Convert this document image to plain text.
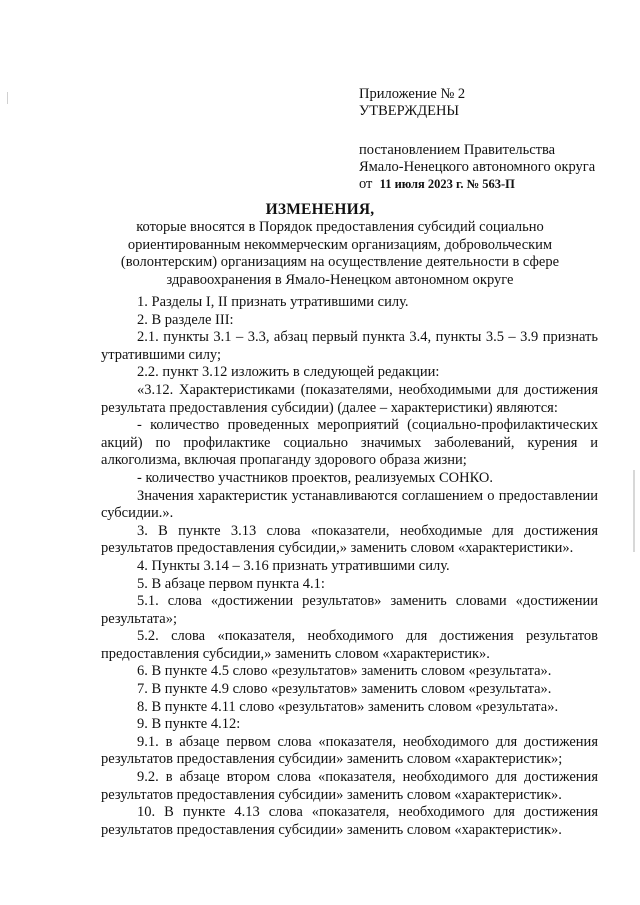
Приложение № 2
УТВЕРЖДЕНЫ
постановлением Правительства
Ямало-Ненецкого автономного округа
от 11 июля 2023 г. № 563-П
ИЗМЕНЕНИЯ,
которые вносятся в Порядок предоставления субсидий социально ориентированным некоммерческим организациям, добровольческим (волонтерским) организациям на осуществление деятельности в сфере здравоохранения в Ямало-Ненецком автономном округе

1. Разделы I, II признать утратившими силу.

2. В разделе III:

2.1. пункты 3.1 – 3.3, абзац первый пункта 3.4, пункты 3.5 – 3.9 признать утратившими силу;

2.2. пункт 3.12 изложить в следующей редакции:

«3.12. Характеристиками (показателями, необходимыми для достижения результата предоставления субсидии) (далее – характеристики) являются:

- количество проведенных мероприятий (социально-профилактических акций) по профилактике социально значимых заболеваний, курения и алкоголизма, включая пропаганду здорового образа жизни;

- количество участников проектов, реализуемых СОНКО.

Значения характеристик устанавливаются соглашением о предоставлении субсидии.».

3. В пункте 3.13 слова «показатели, необходимые для достижения результатов предоставления субсидии,» заменить словом «характеристики».

4. Пункты 3.14 – 3.16 признать утратившими силу.

5. В абзаце первом пункта 4.1:

5.1. слова «достижении результатов» заменить словами «достижении результата»;

5.2. слова «показателя, необходимого для достижения результатов предоставления субсидии,» заменить словом «характеристик».

6. В пункте 4.5 слово «результатов» заменить словом «результата».

7. В пункте 4.9 слово «результатов» заменить словом «результата».

8. В пункте 4.11 слово «результатов» заменить словом «результата».

9. В пункте 4.12:

9.1. в абзаце первом слова «показателя, необходимого для достижения результатов предоставления субсидии» заменить словом «характеристик»;

9.2. в абзаце втором слова «показателя, необходимого для достижения результатов предоставления субсидии» заменить словом «характеристик».

10. В пункте 4.13 слова «показателя, необходимого для достижения результатов предоставления субсидии» заменить словом «характеристик».
